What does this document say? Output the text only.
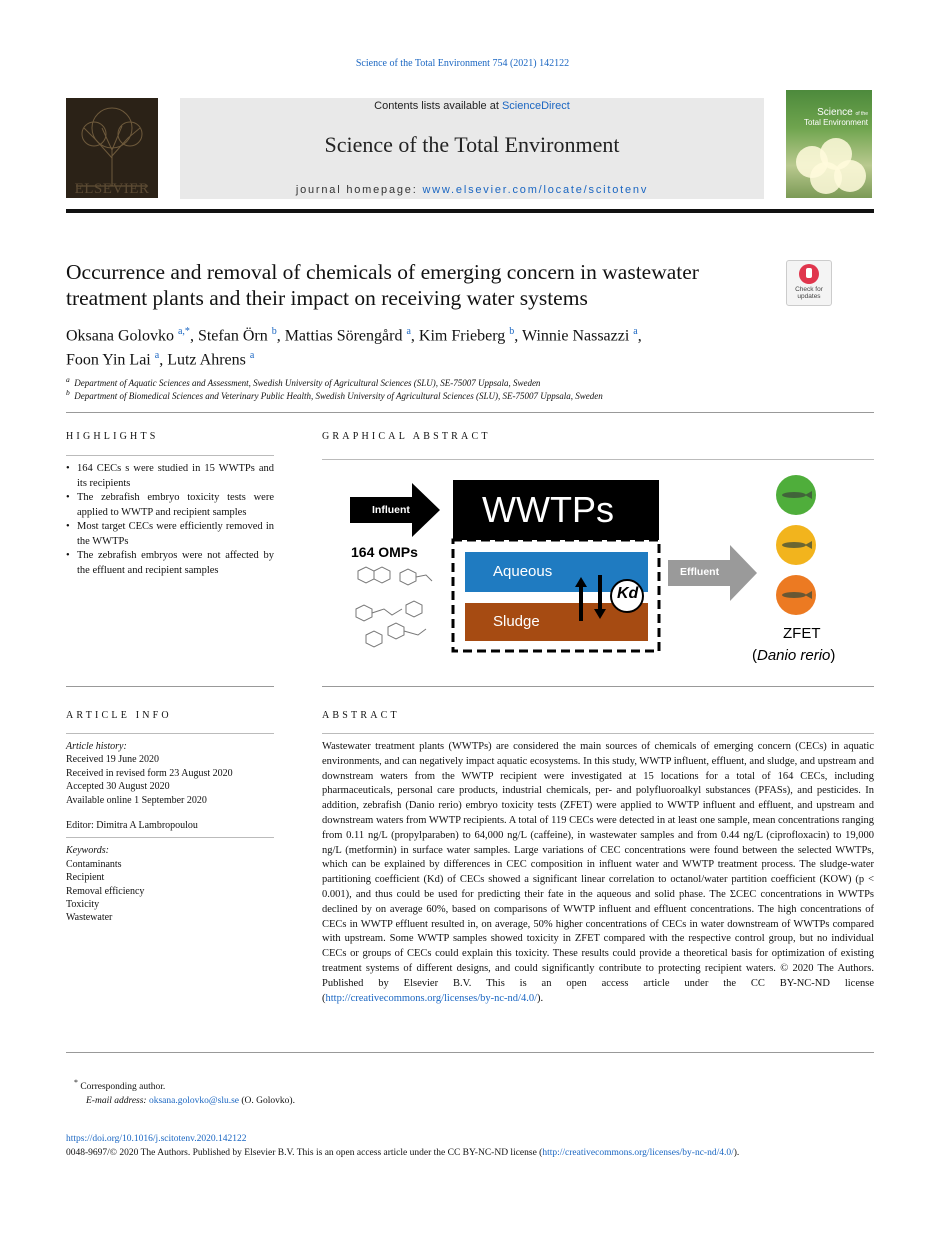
Science of the Total Environment 754 (2021) 142122
ELSEVIER
Contents lists available at ScienceDirect
Science of the Total Environment
journal homepage: www.elsevier.com/locate/scitotenv
Science of the
Total Environment
Occurrence and removal of chemicals of emerging concern in wastewater
treatment plants and their impact on receiving water systems	Check for
updates
Oksana Golovko $^{a,*}$, Stefan Örn $^b$, Mattias Sörengård $^a$, Kim Frieberg $^b$, Winnie Nassazzi $^a$,
Foon Yin Lai $^a$, Lutz Ahrens $^a$
$^a$ Department of Aquatic Sciences and Assessment, Swedish University of Agricultural Sciences (SLU), SE-75007 Uppsala, Sweden
$^b$ Department of Biomedical Sciences and Veterinary Public Health, Swedish University of Agricultural Sciences (SLU), SE-75007 Uppsala, Sweden
HIGHLIGHTS
• 164 CECs s were studied in 15 WWTPs and its recipients
• The zebrafish embryo toxicity tests were applied to WWTP and recipient samples
• Most target CECs were efficiently removed in the WWTPs
• The zebrafish embryos were not affected by the effluent and recipient samples
GRAPHICAL ABSTRACT
Influent WWTPs
164 OMPs
Aqueous
Sludge
Kd
Effluent
ZFET
(Danio rerio)
ARTICLE INFO
Article history:
Received 19 June 2020
Received in revised form 23 August 2020
Accepted 30 August 2020
Available online 1 September 2020
Editor: Dimitra A Lambropoulou
Keywords:
Contaminants
Recipient
Removal efficiency
Toxicity
Wastewater
ABSTRACT
Wastewater treatment plants (WWTPs) are considered the main sources of chemicals of emerging concern (CECs) in aquatic environments, and can negatively impact aquatic ecosystems. In this study, WWTP influent, effluent, and sludge, and upstream and downstream waters from the WWTP recipient were investigated at 15 locations for a total of 164 CECs, including pharmaceuticals, personal care products, industrial chemicals, per- and polyfluoroalkyl substances (PFASs), and pesticides. In addition, zebrafish (Danio rerio) embryo toxicity tests (ZFET) were applied to WWTP influent and effluent, and upstream and downstream waters from WWTP recipients. A total of 119 CECs were detected in at least one sample, mean concentrations ranging from 0.11 ng/L (propylparaben) to 64,000 ng/L (caffeine), in wastewater samples and from 0.44 ng/L (ciprofloxacin) to 19,000 ng/L (metformin) in surface water samples. Large variations of CEC concentrations were found between the selected WWTPs, which can be explained by differences in CEC composition in influent water and WWTP treatment process. The sludge-water partitioning coefficient (Kd) of CECs showed a significant linear correlation to octanol/water partition coefficient (KOW) (p < 0.001), and thus could be used for predicting their fate in the aqueous and solid phase. The ΣCEC concentrations in WWTPs declined by on average 60%, based on comparisons of WWTP influent and effluent concentrations. The high concentrations of CECs in WWTP effluent resulted in, on average, 50% higher concentrations of CECs in water downstream of WWTPs compared with upstream. Some WWTP samples showed toxicity in ZFET compared with the respective control group, but no individual CECs or groups of CECs could explain this toxicity. These results could provide a theoretical basis for optimization of existing treatment systems of different designs, and could significantly contribute to protecting recipient waters. © 2020 The Authors. Published by Elsevier B.V. This is an open access article under the CC BY-NC-ND license (http://creativecommons.org/licenses/by-nc-nd/4.0/).
* Corresponding author.
E-mail address: oksana.golovko@slu.se (O. Golovko).
https://doi.org/10.1016/j.scitotenv.2020.142122
0048-9697/© 2020 The Authors. Published by Elsevier B.V. This is an open access article under the CC BY-NC-ND license (http://creativecommons.org/licenses/by-nc-nd/4.0/).
